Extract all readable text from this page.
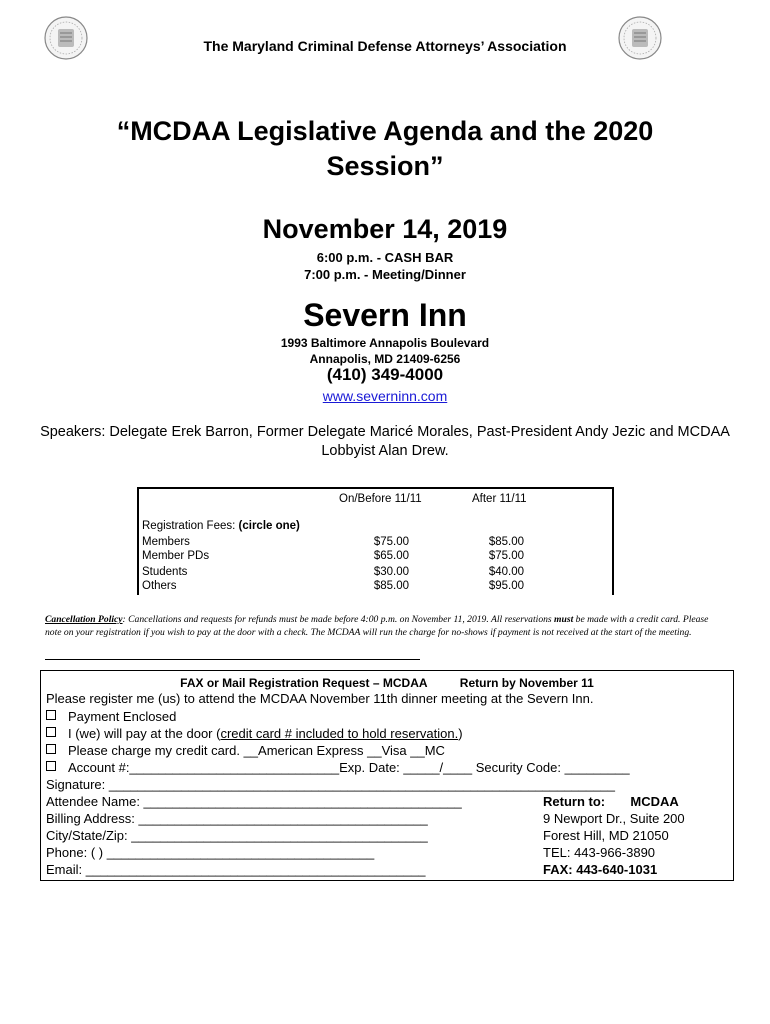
The Maryland Criminal Defense Attorneys’ Association
“MCDAA Legislative Agenda and the 2020 Session”
November 14, 2019
6:00 p.m. - CASH BAR
7:00 p.m. - Meeting/Dinner
Severn Inn
1993 Baltimore Annapolis Boulevard
Annapolis, MD 21409-6256
(410) 349-4000
www.severninn.com
Speakers: Delegate Erek Barron, Former Delegate Maricé Morales, Past-President Andy Jezic and MCDAA Lobbyist Alan Drew.
On/Before 11/11	After 11/11
Registration Fees: (circle one)
Members	$75.00	$85.00
Member PDs	$65.00	$75.00
Students	$30.00	$40.00
Others	$85.00	$95.00
Cancellation Policy: Cancellations and requests for refunds must be made before 4:00 p.m. on November 11, 2019. All reservations must be made with a credit card. Please note on your registration if you wish to pay at the door with a check. The MCDAA will run the charge for no-shows if payment is not received at the start of the meeting.
FAX or Mail Registration Request – MCDAA	Return by November 11
Please register me (us) to attend the MCDAA November 11th dinner meeting at the Severn Inn.
Payment Enclosed
I (we) will pay at the door (credit card # included to hold reservation.)
Please charge my credit card. __American Express __Visa __MC
Account #:_____________________________Exp. Date: _____/____ Security Code: _________
Signature: ______________________________________________________________________
Attendee Name: ____________________________________________
Billing Address: ________________________________________
City/State/Zip: _________________________________________
Phone: ( ) _____________________________________
Email: _______________________________________________
Return to: MCDAA
9 Newport Dr., Suite 200
Forest Hill, MD 21050
TEL: 443-966-3890
FAX: 443-640-1031
